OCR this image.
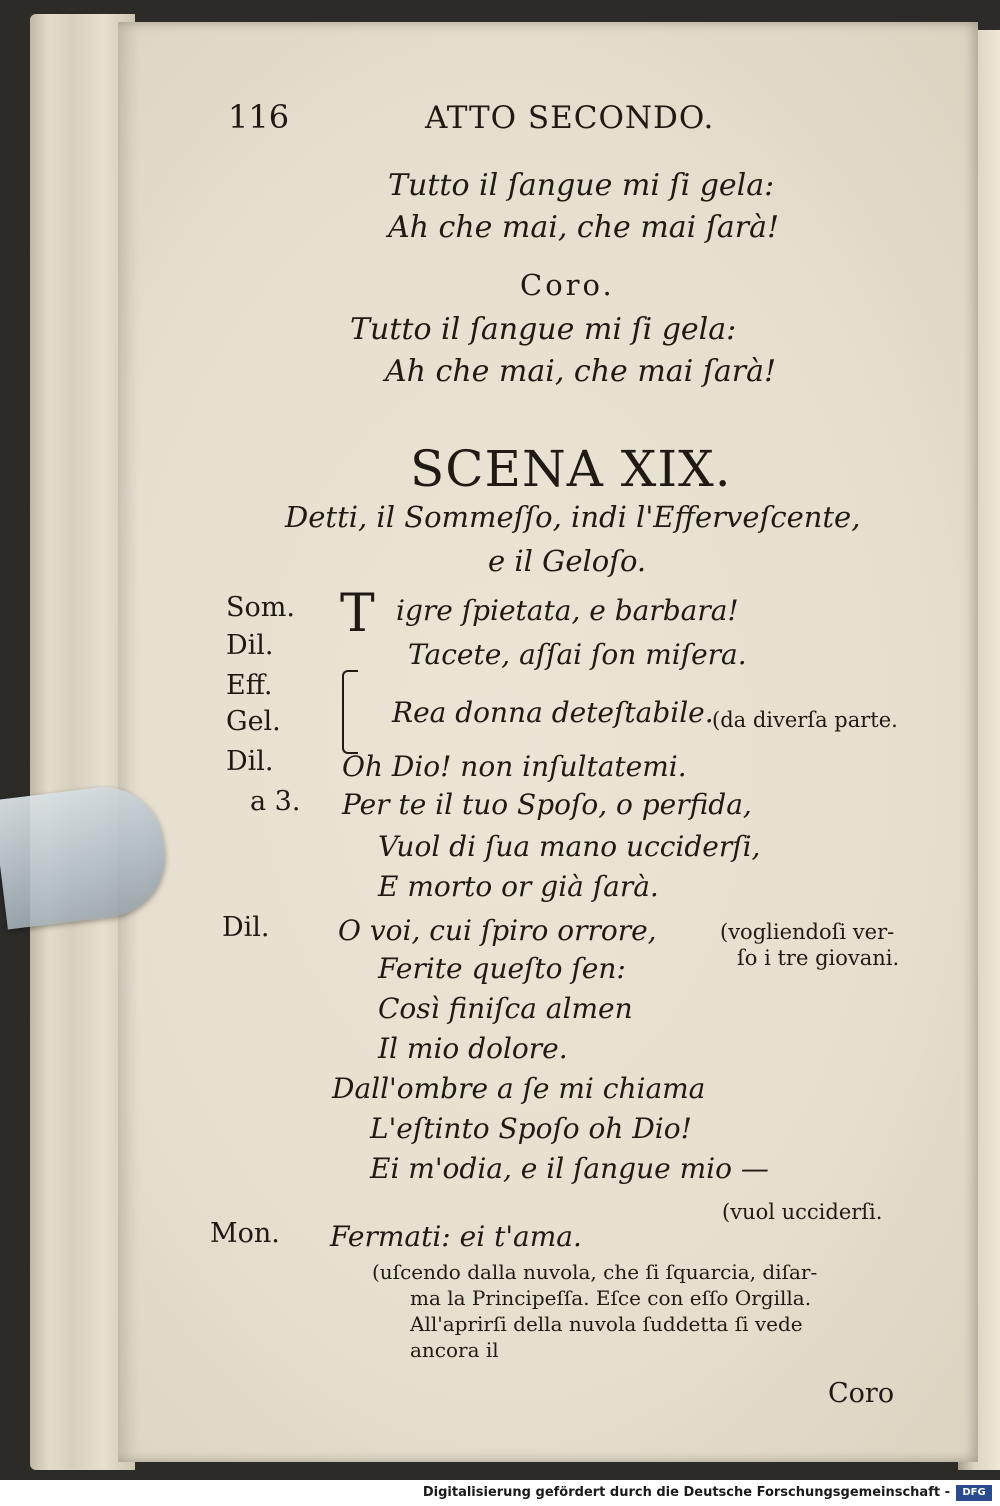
116	ATTO SECONDO.
Tutto il ſangue mi ſi gela:
Ah che mai, che mai ſarà!
Coro.
Tutto il ſangue mi ſi gela:
Ah che mai, che mai ſarà!
SCENA XIX.
Detti, il Sommeſſo, indi l'Efferveſcente,
e il Geloſo.
T
Som.	igre ſpietata, e barbara!
Dil.	Tacete, aſſai ſon miſera.
Eff.
Gel.	Rea donna deteſtabile.
(da diverſa parte.
Dil. Oh Dio! non inſultatemi.
a 3. Per te il tuo Spoſo, o perfida,
Vuol di ſua mano ucciderſi,
E morto or già ſarà.
Dil. O voi, cui ſpiro orrore,	(vogliendoſi ver-
ſo i tre giovani.
Ferite queſto ſen:
Così finiſca almen
Il mio dolore.
Dall'ombre a ſe mi chiama
L'eſtinto Spoſo oh Dio!
Ei m'odia, e il ſangue mio —
(vuol ucciderſi.
Mon. Fermati: ei t'ama.
(uſcendo dalla nuvola, che ſi ſquarcia, diſar-
ma la Principeſſa. Eſce con eſſo Orgilla.
All'aprirſi della nuvola ſuddetta ſi vede
ancora il
Coro
Digitalisierung gefördert durch die Deutsche Forschungsgemeinschaft -	DFG
